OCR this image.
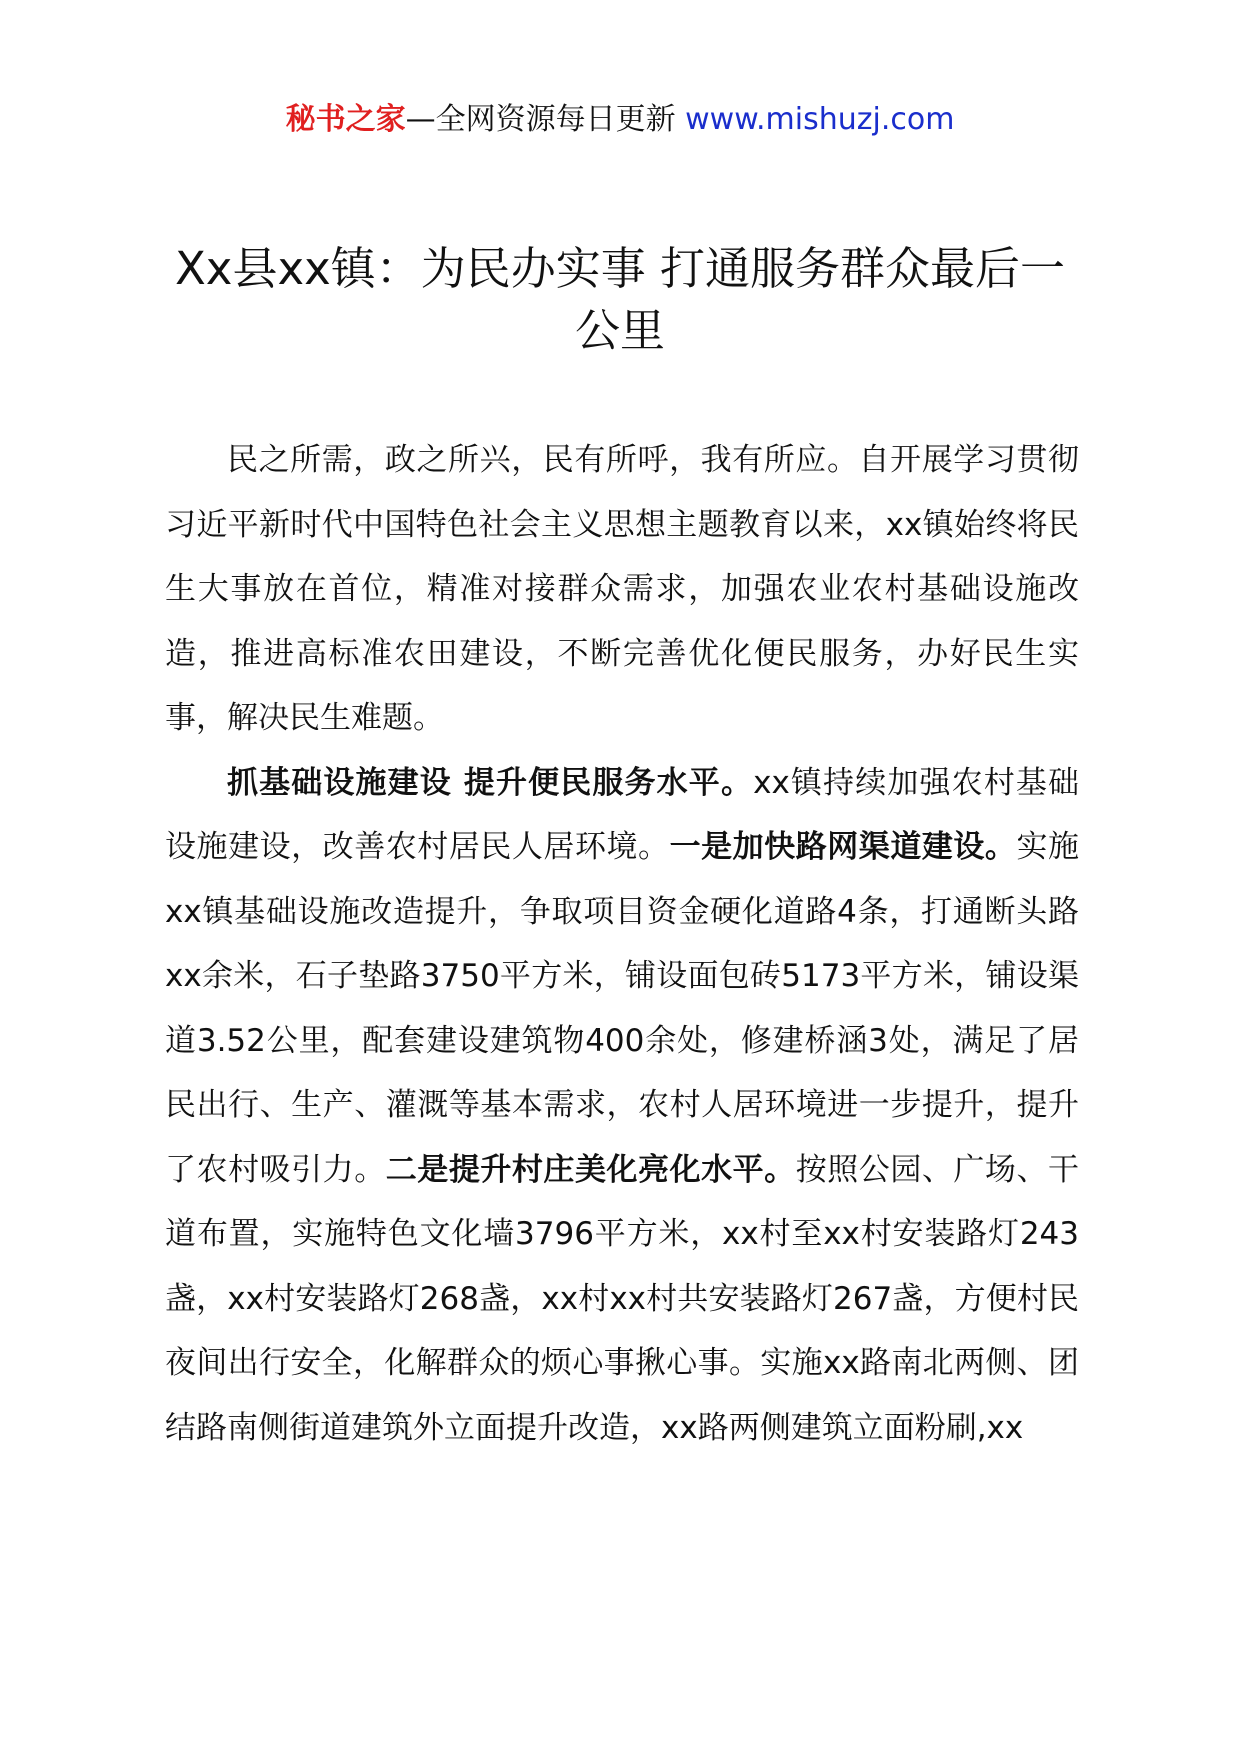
秘书之家—全网资源每日更新 www.mishuzj.com
Xx县xx镇：为民办实事 打通服务群众最后一公里

民之所需，政之所兴，民有所呼，我有所应。自开展学习贯彻习近平新时代中国特色社会主义思想主题教育以来，xx镇始终将民生大事放在首位，精准对接群众需求，加强农业农村基础设施改造，推进高标准农田建设，不断完善优化便民服务，办好民生实事，解决民生难题。

抓基础设施建设 提升便民服务水平。xx镇持续加强农村基础设施建设，改善农村居民人居环境。一是加快路网渠道建设。实施xx镇基础设施改造提升，争取项目资金硬化道路4条，打通断头路xx余米，石子垫路3750平方米，铺设面包砖5173平方米，铺设渠道3.52公里，配套建设建筑物400余处，修建桥涵3处，满足了居民出行、生产、灌溉等基本需求，农村人居环境进一步提升，提升了农村吸引力。二是提升村庄美化亮化水平。按照公园、广场、干道布置，实施特色文化墙3796平方米，xx村至xx村安装路灯243盏，xx村安装路灯268盏，xx村xx村共安装路灯267盏，方便村民夜间出行安全，化解群众的烦心事揪心事。实施xx路南北两侧、团结路南侧街道建筑外立面提升改造，xx路两侧建筑立面粉刷,xx
